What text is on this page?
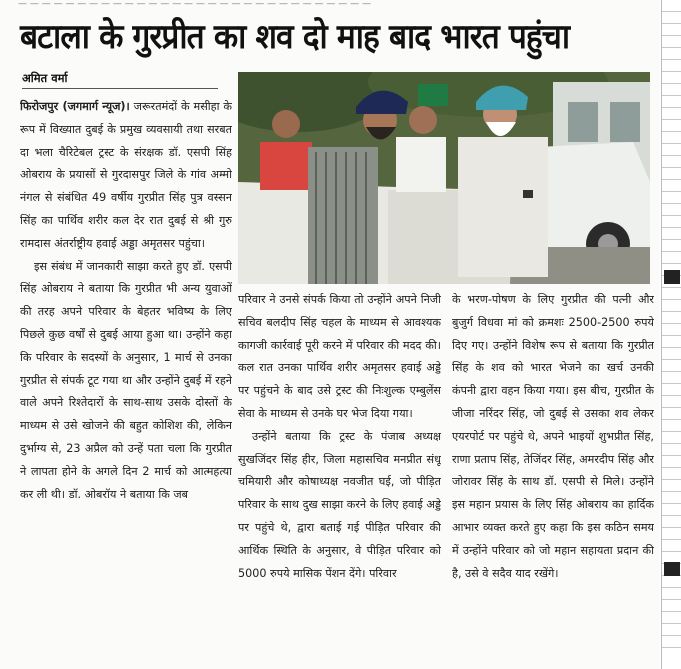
— — — — — — — — — — — — — — — — — — — — — — — — — — — — — —
बटाला के गुरप्रीत का शव दो माह बाद भारत पहुंचा
अमित वर्मा

फिरोजपुर (जगमार्ग न्यूज)। जरूरतमंदों के मसीहा के रूप में विख्यात दुबई के प्रमुख व्यवसायी तथा सरबत दा भला चैरिटेबल ट्रस्ट के संरक्षक डॉ. एसपी सिंह ओबराय के प्रयासों से गुरदासपुर जिले के गांव अम्मो नंगल से संबंधित 49 वर्षीय गुरप्रीत सिंह पुत्र वस्सन सिंह का पार्थिव शरीर कल देर रात दुबई से श्री गुरु रामदास अंतर्राष्ट्रीय हवाई अड्डा अमृतसर पहुंचा।

इस संबंध में जानकारी साझा करते हुए डॉ. एसपी सिंह ओबराय ने बताया कि गुरप्रीत भी अन्य युवाओं की तरह अपने परिवार के बेहतर भविष्य के लिए पिछले कुछ वर्षों से दुबई आया हुआ था। उन्होंने कहा कि परिवार के सदस्यों के अनुसार, 1 मार्च से उनका गुरप्रीत से संपर्क टूट गया था और उन्होंने दुबई में रहने वाले अपने रिश्तेदारों के साथ-साथ उसके दोस्तों के माध्यम से उसे खोजने की बहुत कोशिश की, लेकिन दुर्भाग्य से, 23 अप्रैल को उन्हें पता चला कि गुरप्रीत ने लापता होने के अगले दिन 2 मार्च को आत्महत्या कर ली थी। डॉ. ओबरॉय ने बताया कि जब

परिवार ने उनसे संपर्क किया तो उन्होंने अपने निजी सचिव बलदीप सिंह चहल के माध्यम से आवश्यक कागजी कार्रवाई पूरी करने में परिवार की मदद की। कल रात उनका पार्थिव शरीर अमृतसर हवाई अड्डे पर पहुंचने के बाद उसे ट्रस्ट की निःशुल्क एम्बुलेंस सेवा के माध्यम से उनके घर भेज दिया गया।

उन्होंने बताया कि ट्रस्ट के पंजाब अध्यक्ष सुखजिंदर सिंह हीर, जिला महासचिव मनप्रीत संधू चमियारी और कोषाध्यक्ष नवजीत घई, जो पीड़ित परिवार के साथ दुख साझा करने के लिए हवाई अड्डे पर पहुंचे थे, द्वारा बताई गई पीड़ित परिवार की आर्थिक स्थिति के अनुसार, वे पीड़ित परिवार को 5000 रुपये मासिक पेंशन देंगे। परिवार

के भरण-पोषण के लिए गुरप्रीत की पत्नी और बुजुर्ग विधवा मां को क्रमशः 2500-2500 रुपये दिए गए। उन्होंने विशेष रूप से बताया कि गुरप्रीत सिंह के शव को भारत भेजने का खर्च उनकी कंपनी द्वारा वहन किया गया। इस बीच, गुरप्रीत के जीजा नरिंदर सिंह, जो दुबई से उसका शव लेकर एयरपोर्ट पर पहुंचे थे, अपने भाइयों शुभप्रीत सिंह, राणा प्रताप सिंह, तेजिंदर सिंह, अमरदीप सिंह और जोरावर सिंह के साथ डॉ. एसपी से मिले। उन्होंने इस महान प्रयास के लिए सिंह ओबराय का हार्दिक आभार व्यक्त करते हुए कहा कि इस कठिन समय में उन्होंने परिवार को जो महान सहायता प्रदान की है, उसे वे सदैव याद रखेंगे।
